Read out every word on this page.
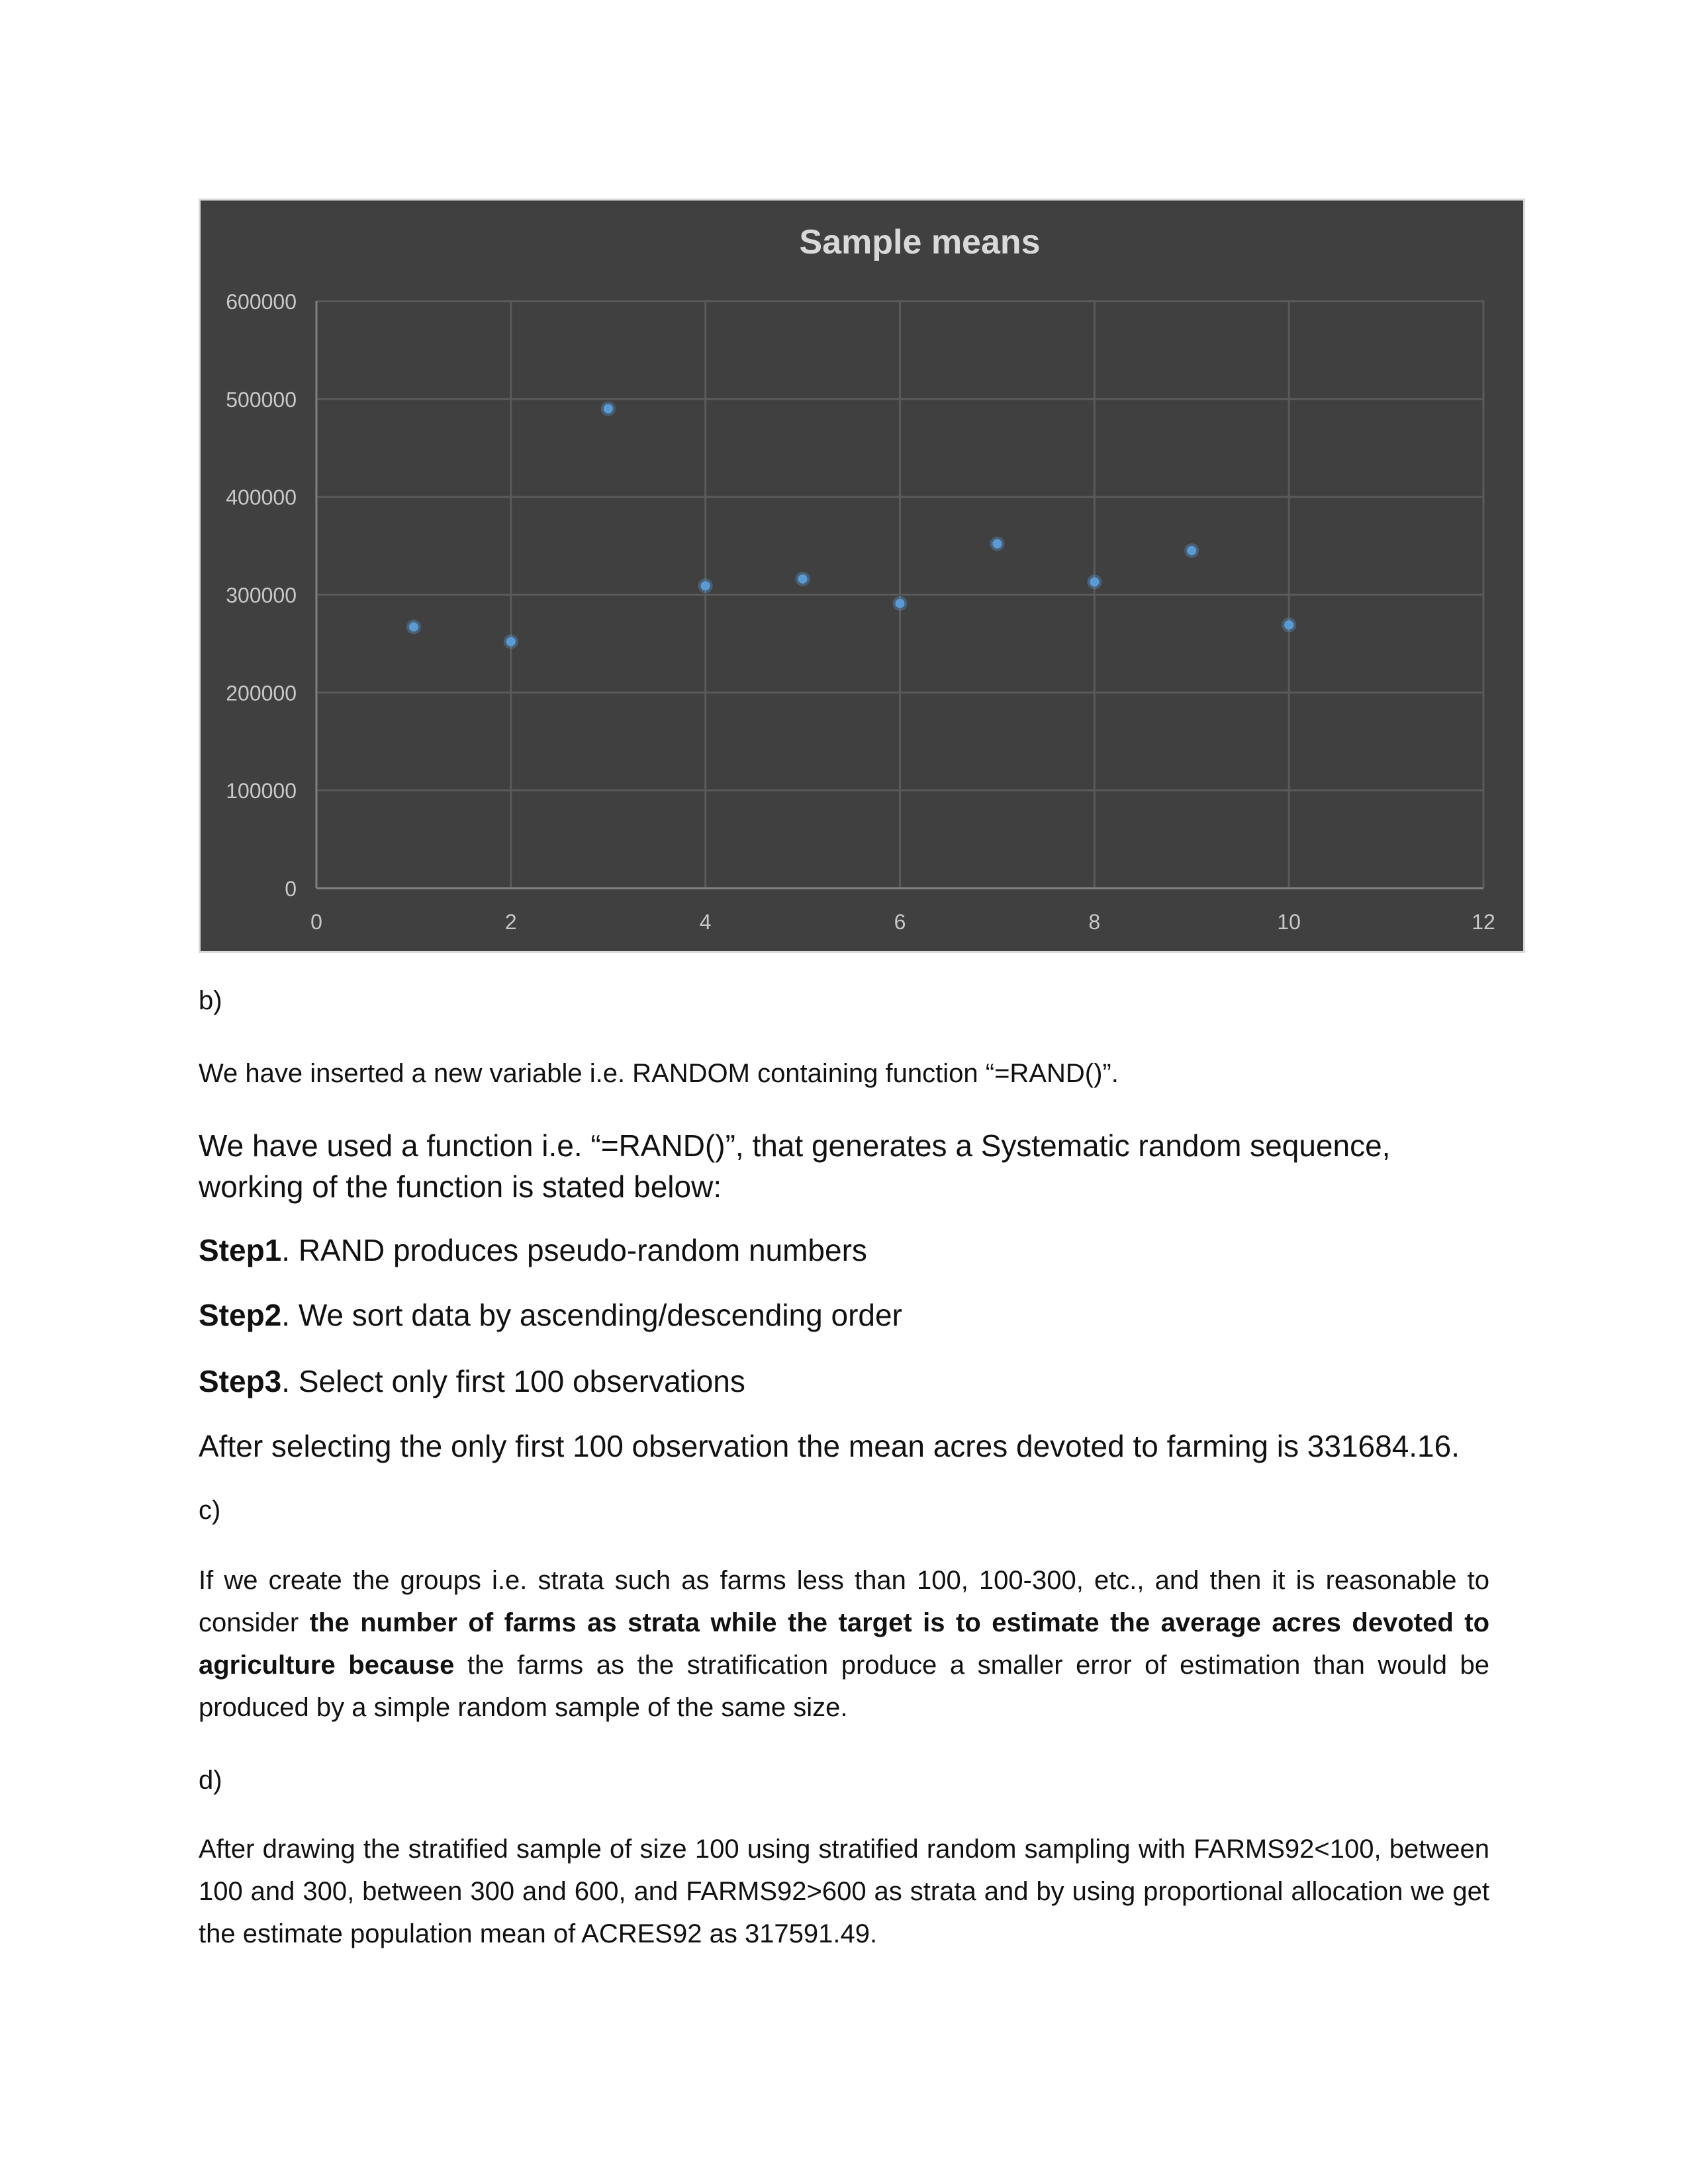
Sample means
0
100000
200000
300000
400000
500000
600000
0	2	4	6	8	10	12

b)

We have inserted a new variable i.e. RANDOM containing function “=RAND()”.

We have used a function i.e. “=RAND()”, that generates a Systematic random sequence, working of the function is stated below:

Step1. RAND produces pseudo-random numbers

Step2. We sort data by ascending/descending order

Step3. Select only first 100 observations

After selecting the only first 100 observation the mean acres devoted to farming is 331684.16.

c)

If we create the groups i.e. strata such as farms less than 100, 100-300, etc., and then it is reasonable to consider the number of farms as strata while the target is to estimate the average acres devoted to agriculture because the farms as the stratification produce a smaller error of estimation than would be produced by a simple random sample of the same size.

d)

After drawing the stratified sample of size 100 using stratified random sampling with FARMS92<100, between 100 and 300, between 300 and 600, and FARMS92>600 as strata and by using proportional allocation we get the estimate population mean of ACRES92 as 317591.49.
